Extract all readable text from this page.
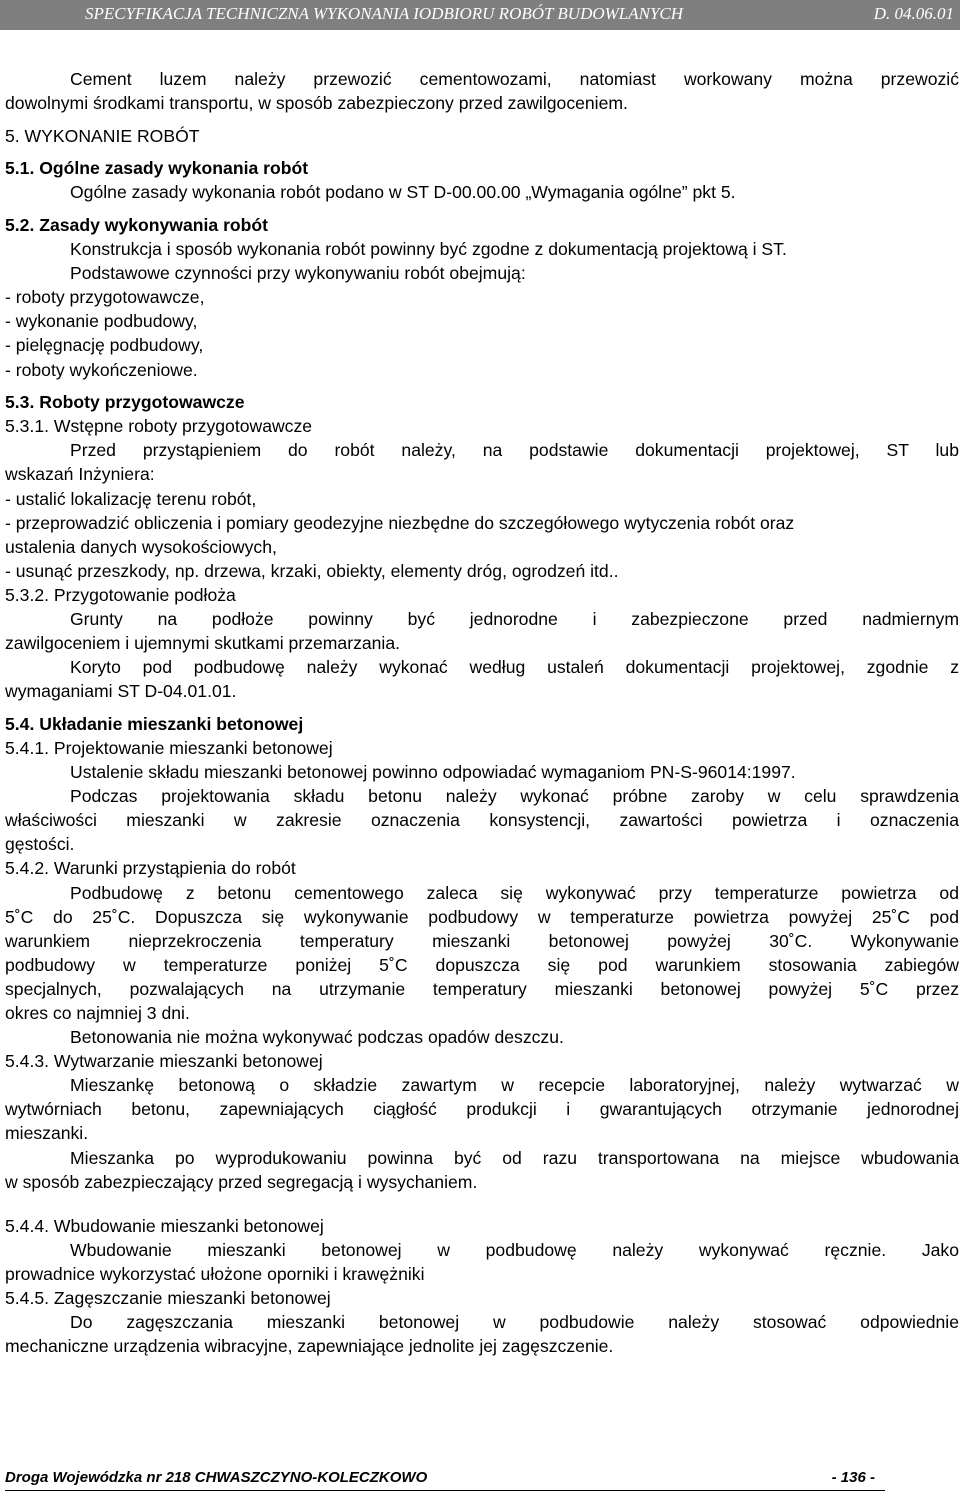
SPECYFIKACJA TECHNICZNA WYKONANIA IODBIORU ROBÓT BUDOWLANYCH	D. 04.06.01
Cement luzem należy przewozić cementowozami, natomiast workowany można przewozić
dowolnymi środkami transportu, w sposób zabezpieczony przed zawilgoceniem.
5. WYKONANIE ROBÓT
5.1. Ogólne zasady wykonania robót
Ogólne zasady wykonania robót podano w ST D-00.00.00 „Wymagania ogólne” pkt 5.
5.2. Zasady wykonywania robót
Konstrukcja i sposób wykonania robót powinny być zgodne z dokumentacją projektową i ST.
Podstawowe czynności przy wykonywaniu robót obejmują:
- roboty przygotowawcze,
- wykonanie podbudowy,
- pielęgnację podbudowy,
- roboty wykończeniowe.
5.3. Roboty przygotowawcze
5.3.1. Wstępne roboty przygotowawcze
Przed przystąpieniem do robót należy, na podstawie dokumentacji projektowej, ST lub
wskazań Inżyniera:
- ustalić lokalizację terenu robót,
- przeprowadzić obliczenia i pomiary geodezyjne niezbędne do szczegółowego wytyczenia robót oraz
ustalenia danych wysokościowych,
- usunąć przeszkody, np. drzewa, krzaki, obiekty, elementy dróg, ogrodzeń itd..
5.3.2. Przygotowanie podłoża
Grunty na podłoże powinny być jednorodne i zabezpieczone przed nadmiernym
zawilgoceniem i ujemnymi skutkami przemarzania.
Koryto pod podbudowę należy wykonać według ustaleń dokumentacji projektowej, zgodnie z
wymaganiami ST D-04.01.01.
5.4. Układanie mieszanki betonowej
5.4.1. Projektowanie mieszanki betonowej
Ustalenie składu mieszanki betonowej powinno odpowiadać wymaganiom PN-S-96014:1997.
Podczas projektowania składu betonu należy wykonać próbne zaroby w celu sprawdzenia
właściwości mieszanki w zakresie oznaczenia konsystencji, zawartości powietrza i oznaczenia
gęstości.
5.4.2. Warunki przystąpienia do robót
Podbudowę z betonu cementowego zaleca się wykonywać przy temperaturze powietrza od
5˚C do 25˚C. Dopuszcza się wykonywanie podbudowy w temperaturze powietrza powyżej 25˚C pod
warunkiem nieprzekroczenia temperatury mieszanki betonowej powyżej 30˚C. Wykonywanie
podbudowy w temperaturze poniżej 5˚C dopuszcza się pod warunkiem stosowania zabiegów
specjalnych, pozwalających na utrzymanie temperatury mieszanki betonowej powyżej 5˚C przez
okres co najmniej 3 dni.
Betonowania nie można wykonywać podczas opadów deszczu.
5.4.3. Wytwarzanie mieszanki betonowej
Mieszankę betonową o składzie zawartym w recepcie laboratoryjnej, należy wytwarzać w
wytwórniach betonu, zapewniających ciągłość produkcji i gwarantujących otrzymanie jednorodnej
mieszanki.
Mieszanka po wyprodukowaniu powinna być od razu transportowana na miejsce wbudowania
w sposób zabezpieczający przed segregacją i wysychaniem.
5.4.4. Wbudowanie mieszanki betonowej
Wbudowanie mieszanki betonowej w podbudowę należy wykonywać ręcznie. Jako
prowadnice wykorzystać ułożone oporniki i krawężniki
5.4.5. Zagęszczanie mieszanki betonowej
Do zagęszczania mieszanki betonowej w podbudowie należy stosować odpowiednie
mechaniczne urządzenia wibracyjne, zapewniające jednolite jej zagęszczenie.
Droga Wojewódzka nr 218 CHWASZCZYNO-KOLECZKOWO	- 136 -
